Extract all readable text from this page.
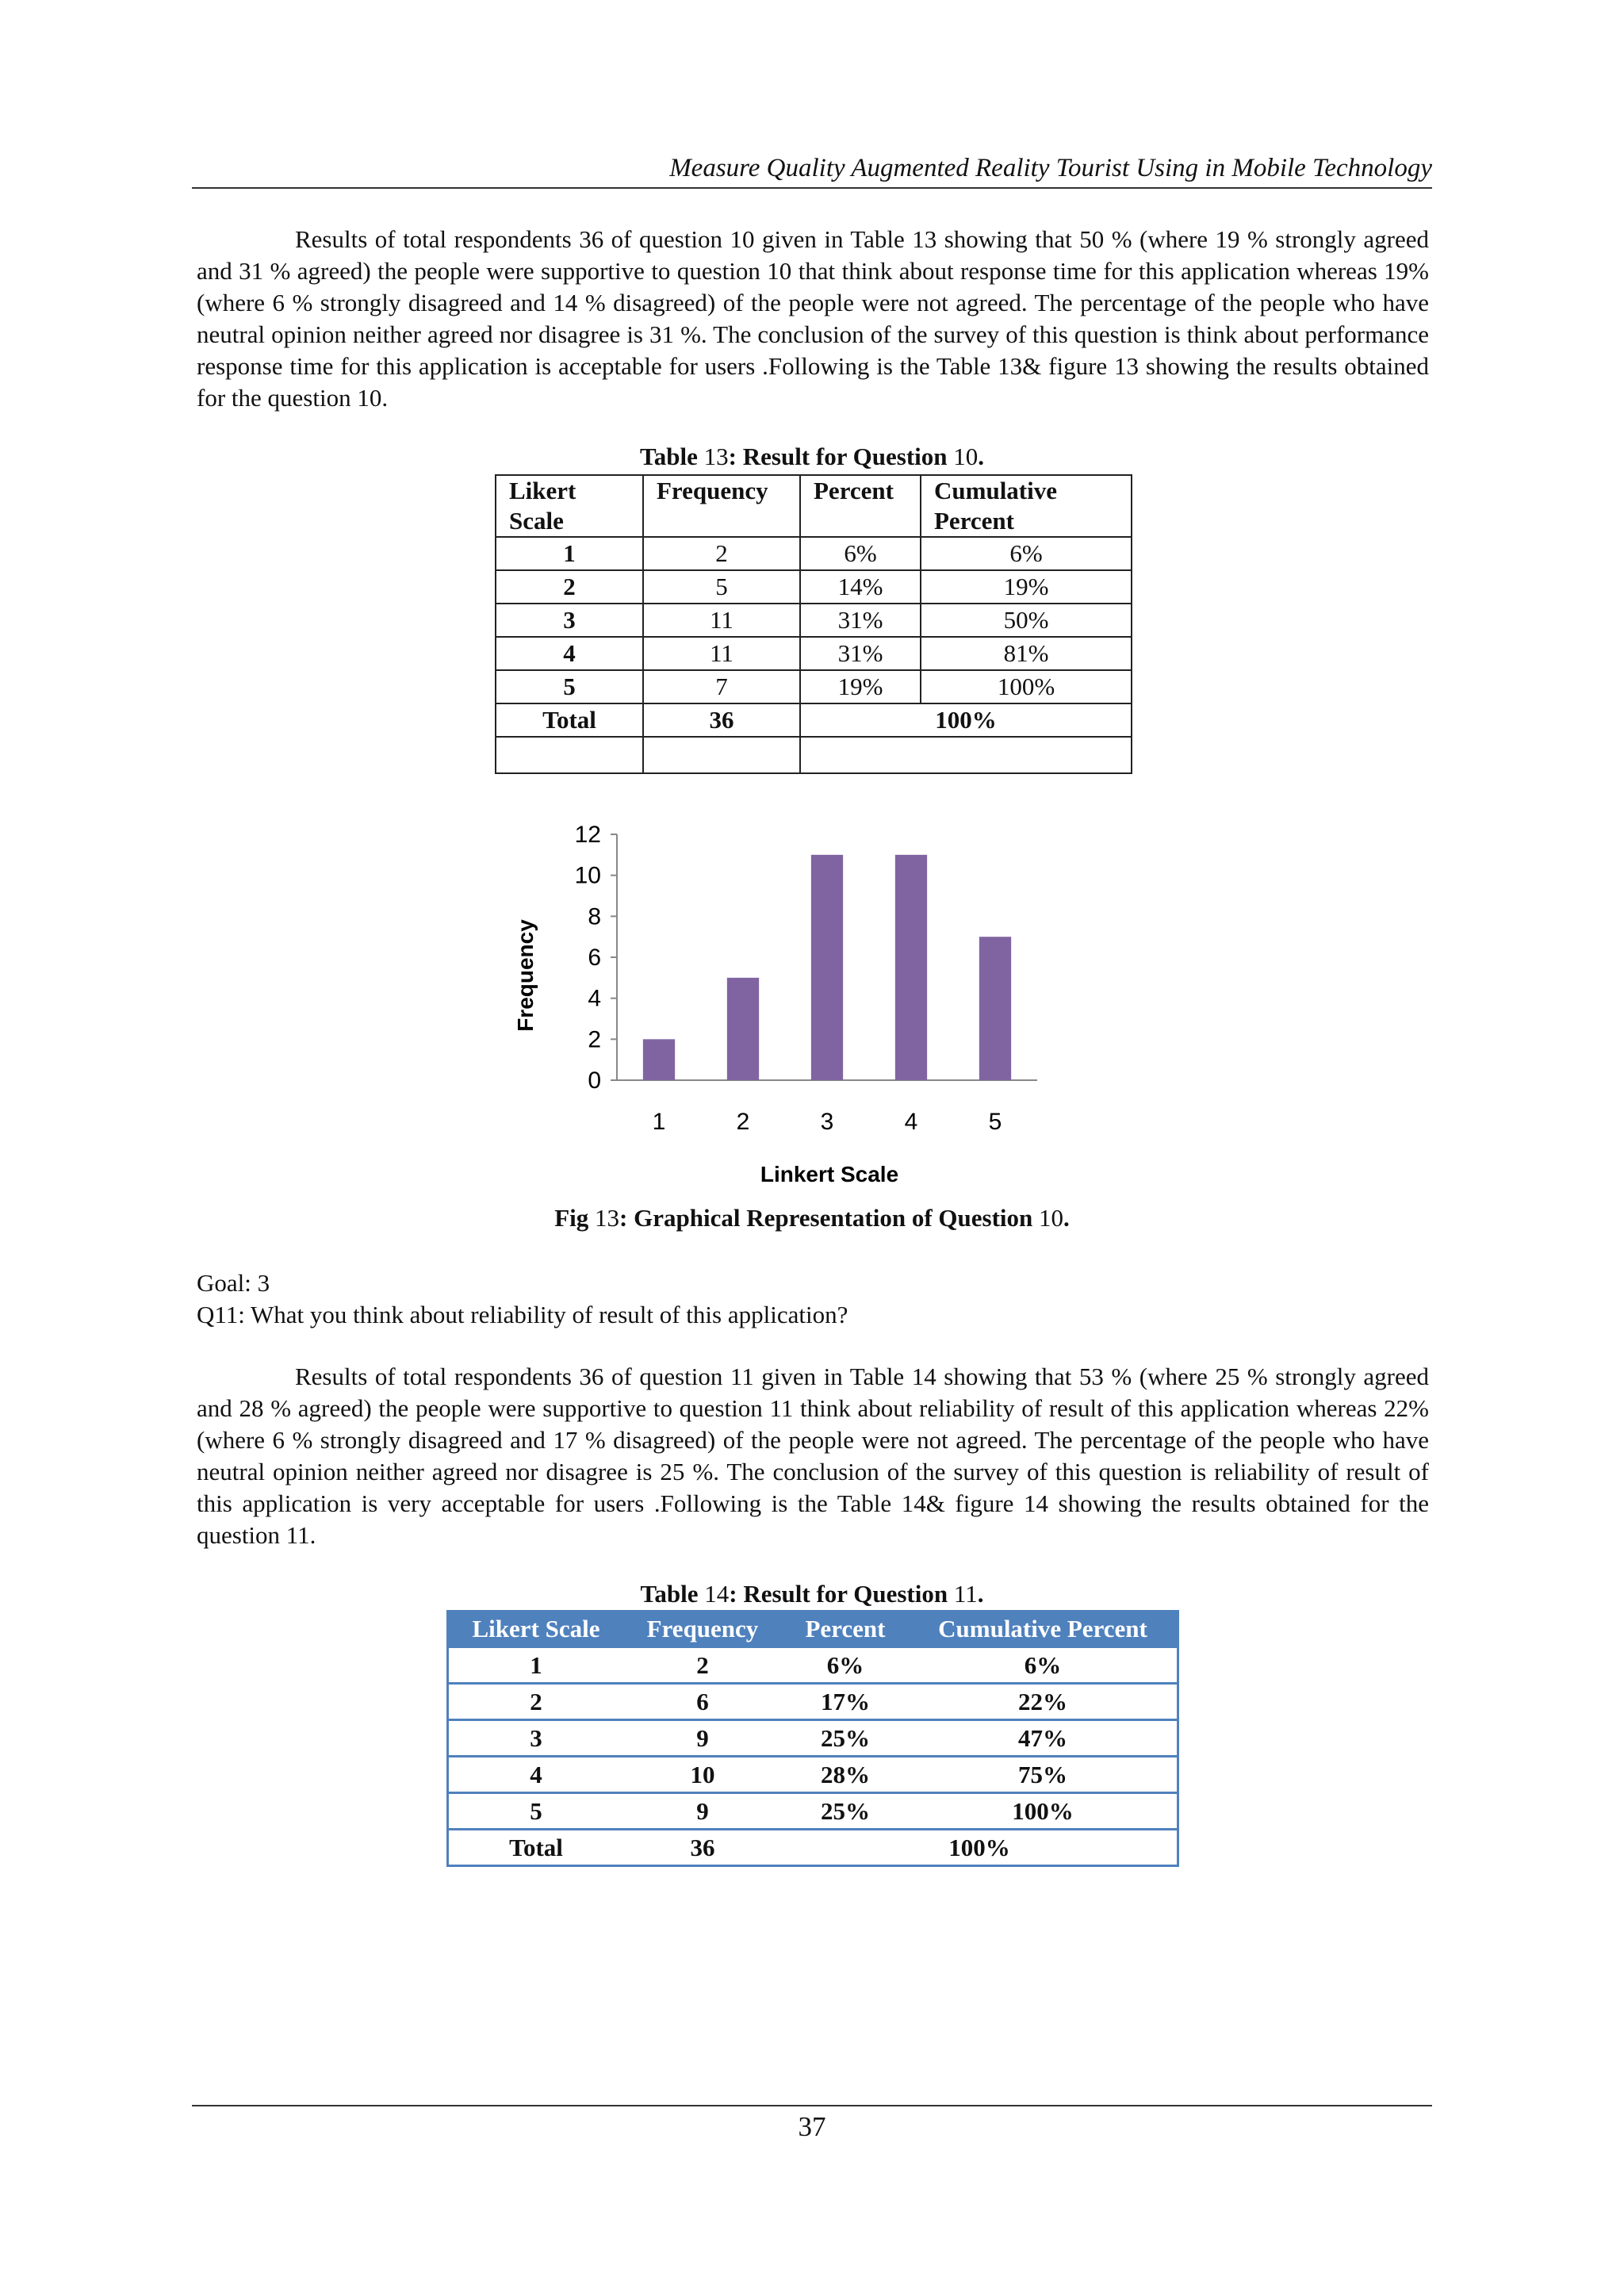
Measure Quality Augmented Reality Tourist Using in Mobile Technology

Results of total respondents 36 of question 10 given in Table 13 showing that 50 % (where 19 % strongly agreed and 31 % agreed) the people were supportive to question 10 that think about response time for this application whereas 19% (where 6 % strongly disagreed and 14 % disagreed) of the people were not agreed. The percentage of the people who have neutral opinion neither agreed nor disagree is 31 %. The conclusion of the survey of this question is think about performance response time for this application is acceptable for users .Following is the Table 13& figure 13 showing the results obtained for the question 10.

Table 13: Result for Question 10.
Likert Scale	Frequency	Percent	Cumulative Percent
1	2	6%	6%
2	5	14%	19%
3	11	31%	50%
4	11	31%	81%
5	7	19%	100%
Total	36	100%	

0
2
4
6
8
10
12
1	2	3	4	5
Frequency
Linkert Scale
Fig 13: Graphical Representation of Question 10.
Goal: 3
Q11: What you think about reliability of result of this application?

Results of total respondents 36 of question 11 given in Table 14 showing that 53 % (where 25 % strongly agreed and 28 % agreed) the people were supportive to question 11 think about reliability of result of this application whereas 22% (where 6 % strongly disagreed and 17 % disagreed) of the people were not agreed. The percentage of the people who have neutral opinion neither agreed nor disagree is 25 %. The conclusion of the survey of this question is reliability of result of this application is very acceptable for users .Following is the Table 14& figure 14 showing the results obtained for the question 11.

Table 14: Result for Question 11.
Likert Scale	Frequency	Percent	Cumulative Percent
1	2	6%	6%
2	6	17%	22%
3	9	25%	47%
4	10	28%	75%
5	9	25%	100%
Total	36	100%	
37
